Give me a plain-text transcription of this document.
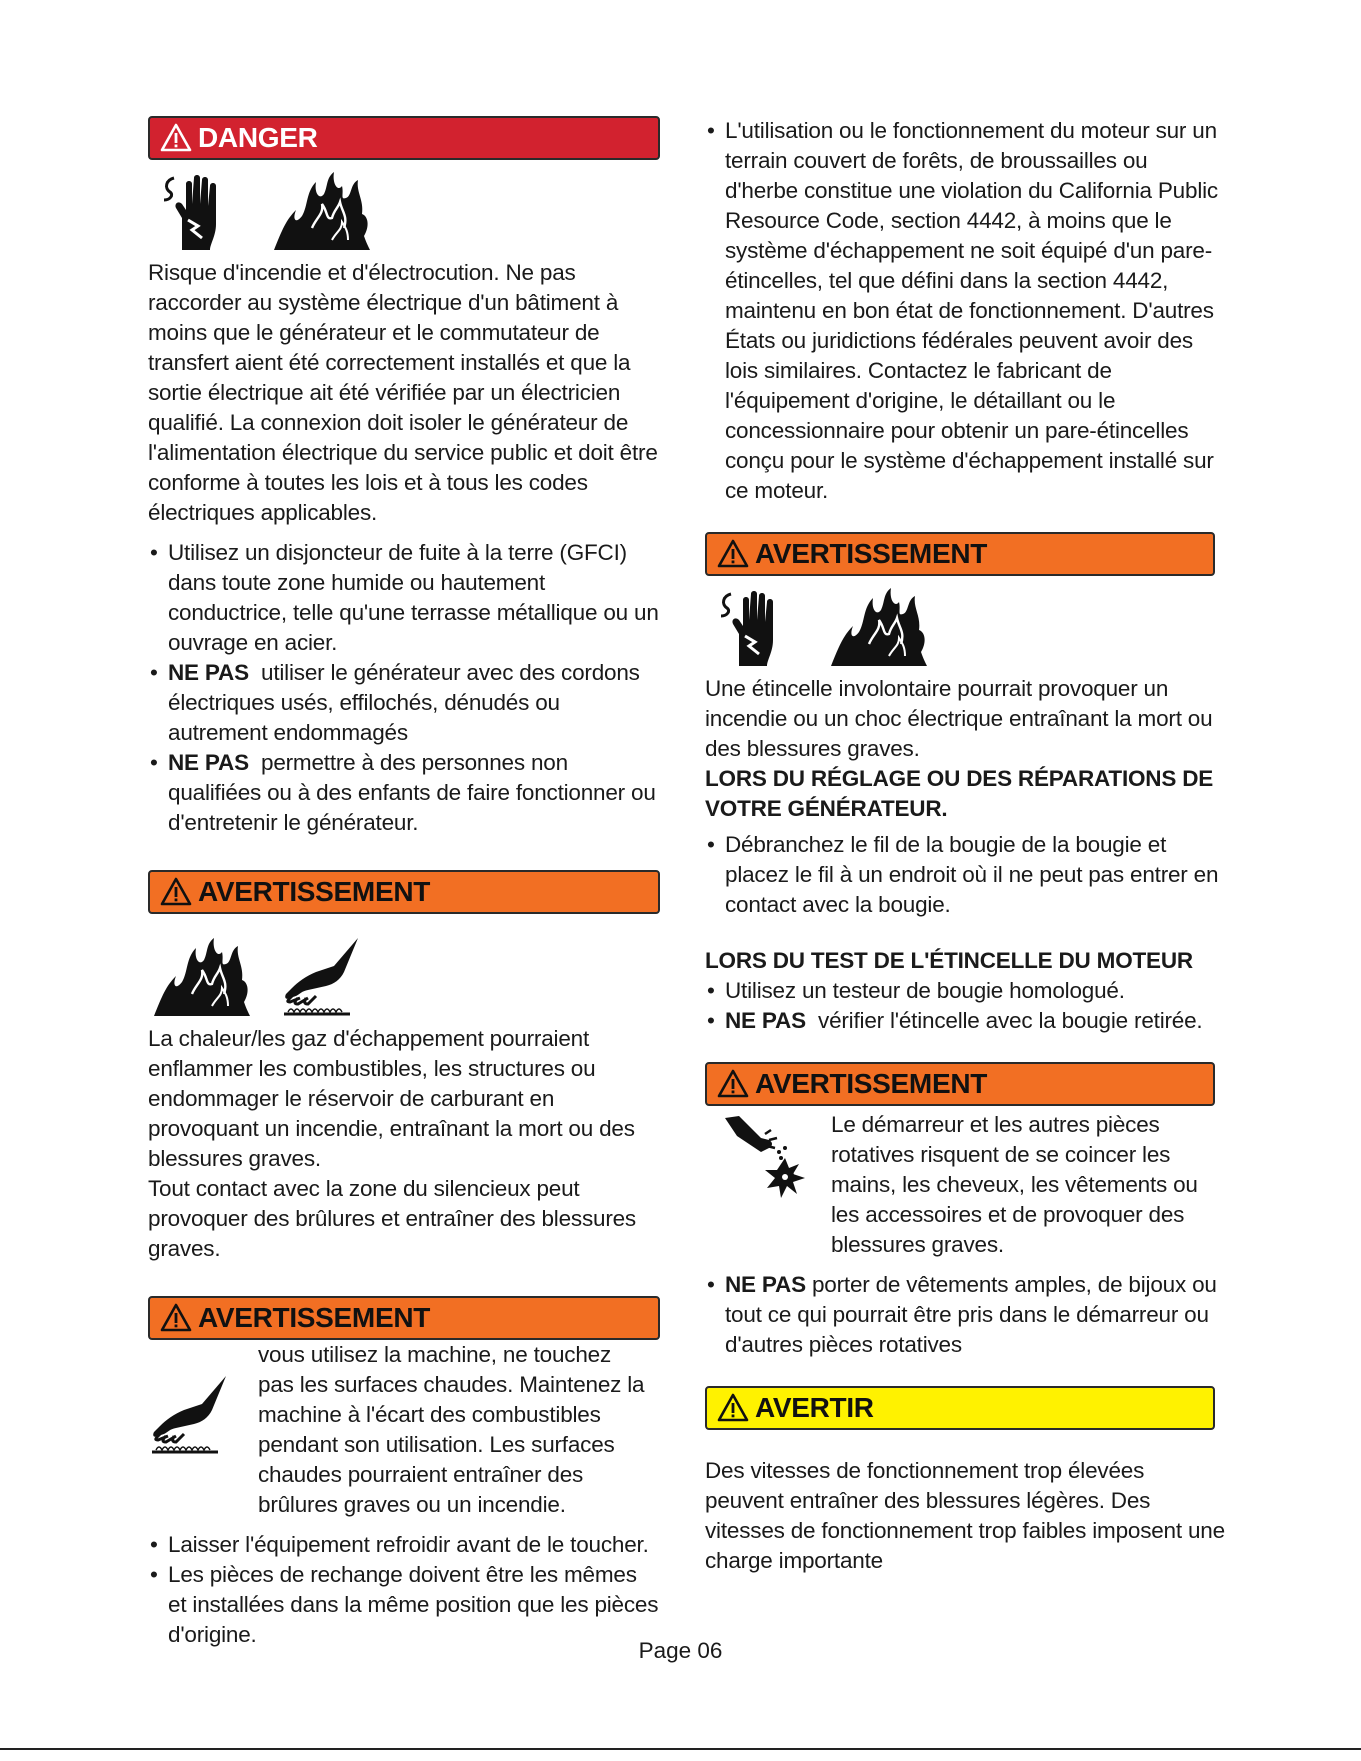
DANGER

Risque d'incendie et d'électrocution. Ne pas raccorder au système électrique d'un bâtiment à moins que le générateur et le commutateur de transfert aient été correctement installés et que la sortie électrique ait été vérifiée par un électricien qualifié. La connexion doit isoler le générateur de l'alimentation électrique du service public et doit être conforme à toutes les lois et à tous les codes électriques applicables.

• Utilisez un disjoncteur de fuite à la terre (GFCI) dans toute zone humide ou hautement conductrice, telle qu'une terrasse métallique ou un ouvrage en acier.
• NE PAS utiliser le générateur avec des cordons électriques usés, effilochés, dénudés ou autrement endommagés
• NE PAS permettre à des personnes non qualifiées ou à des enfants de faire fonctionner ou d'entretenir le générateur.
AVERTISSEMENT

La chaleur/les gaz d'échappement pourraient enflammer les combustibles, les structures ou endommager le réservoir de carburant en provoquant un incendie, entraînant la mort ou des blessures graves.

Tout contact avec la zone du silencieux peut provoquer des brûlures et entraîner des blessures graves.

AVERTISSEMENT

vous utilisez la machine, ne touchez pas les surfaces chaudes. Maintenez la machine à l'écart des combustibles pendant son utilisation. Les surfaces chaudes pourraient entraîner des brûlures graves ou un incendie.

• Laisser l'équipement refroidir avant de le toucher.
• Les pièces de rechange doivent être les mêmes et installées dans la même position que les pièces d'origine.
• L'utilisation ou le fonctionnement du moteur sur un terrain couvert de forêts, de broussailles ou d'herbe constitue une violation du California Public Resource Code, section 4442, à moins que le système d'échappement ne soit équipé d'un pare-étincelles, tel que défini dans la section 4442, maintenu en bon état de fonctionnement. D'autres États ou juridictions fédérales peuvent avoir des lois similaires. Contactez le fabricant de l'équipement d'origine, le détaillant ou le concessionnaire pour obtenir un pare-étincelles conçu pour le système d'échappement installé sur ce moteur.
AVERTISSEMENT

Une étincelle involontaire pourrait provoquer un incendie ou un choc électrique entraînant la mort ou des blessures graves.

LORS DU RÉGLAGE OU DES RÉPARATIONS DE VOTRE GÉNÉRATEUR.

• Débranchez le fil de la bougie de la bougie et placez le fil à un endroit où il ne peut pas entrer en contact avec la bougie.

LORS DU TEST DE L'ÉTINCELLE DU MOTEUR

• Utilisez un testeur de bougie homologué.
• NE PAS vérifier l'étincelle avec la bougie retirée.
AVERTISSEMENT

Le démarreur et les autres pièces rotatives risquent de se coincer les mains, les cheveux, les vêtements ou les accessoires et de provoquer des blessures graves.

• NE PAS porter de vêtements amples, de bijoux ou tout ce qui pourrait être pris dans le démarreur ou d'autres pièces rotatives
AVERTIR

Des vitesses de fonctionnement trop élevées peuvent entraîner des blessures légères. Des vitesses de fonctionnement trop faibles imposent une charge importante

Page 06
